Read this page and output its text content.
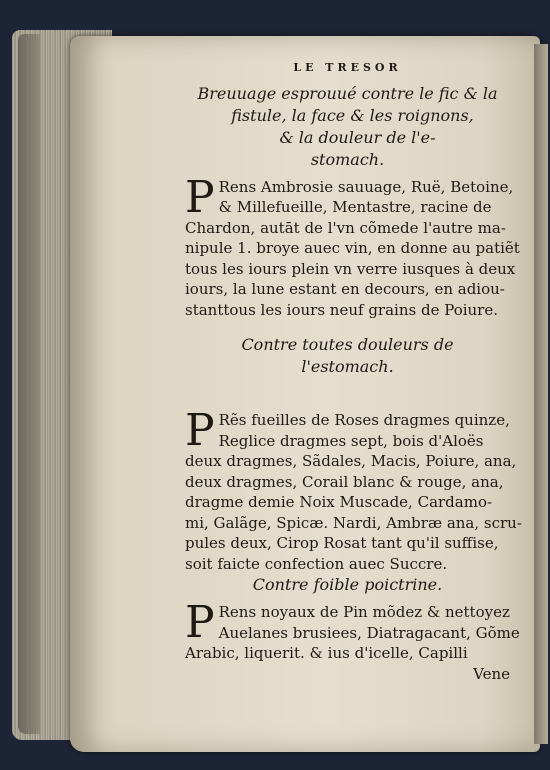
LE TRESOR
Breuuage esprouué contre le fic & la
fistule, la face & les roignons,
& la douleur de l'e-
stomach.
P Rens Ambrosie sauuage, Ruë, Betoine,

& Millefueille, Mentastre, racine de

Chardon, autāt de l'vn cõmede l'autre ma-

nipule 1. broye auec vin, en donne au patiẽt

tous les iours plein vn verre iusques à deux

iours, la lune estant en decours, en adiou-

stanttous les iours neuf grains de Poiure.

Contre toutes douleurs de
l'estomach.
P Rẽs fueilles de Roses dragmes quinze,

Reglice dragmes sept, bois d'Aloës

deux dragmes, Sãdales, Macis, Poiure, ana,

deux dragmes, Corail blanc & rouge, ana,

dragme demie Noix Muscade, Cardamo-

mi, Galãge, Spicæ. Nardi, Ambræ ana, scru-

pules deux, Cirop Rosat tant qu'il suffise,

soit faicte confection auec Succre.

Contre foible poictrine.
P Rens noyaux de Pin mõdez & nettoyez

Auelanes brusiees, Diatragacant, Gõme

Arabic, liquerit. & ius d'icelle, Capilli

Vene
